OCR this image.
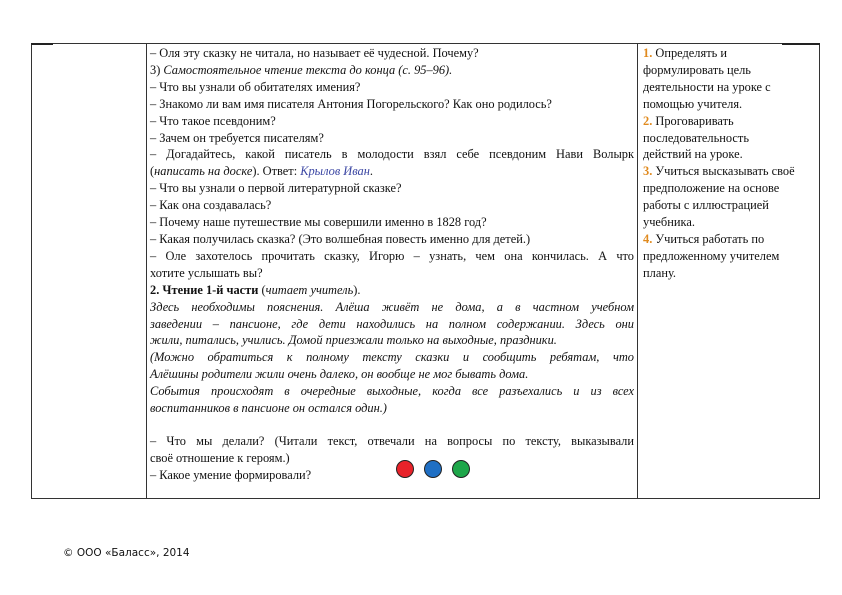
– Оля эту сказку не читала, но называет её чудесной. Почему?
3) Самостоятельное чтение текста до конца (с. 95–96).
– Что вы узнали об обитателях имения?
– Знакомо ли вам имя писателя Антония Погорельского? Как оно родилось?
– Что такое псевдоним?
– Зачем он требуется писателям?
– Догадайтесь, какой писатель в молодости взял себе псевдоним Нави Волырк
(написать на доске). Ответ: Крылов Иван.
– Что вы узнали о первой литературной сказке?
– Как она создавалась?
– Почему наше путешествие мы совершили именно в 1828 год?
– Какая получилась сказка? (Это волшебная повесть именно для детей.)
– Оле захотелось прочитать сказку, Игорю – узнать, чем она кончилась. А что
хотите услышать вы?
2. Чтение 1-й части (читает учитель).
Здесь необходимы пояснения. Алёша живёт не дома, а в частном учебном
заведении – пансионе, где дети находились на полном содержании. Здесь они
жили, питались, учились. Домой приезжали только на выходные, праздники.
(Можно обратиться к полному тексту сказки и сообщить ребятам, что
Алёшины родители жили очень далеко, он вообще не мог бывать дома.
События происходят в очередные выходные, когда все разъехались и из всех
воспитанников в пансионе он остался один.)
– Что мы делали? (Читали текст, отвечали на вопросы по тексту, выказывали
своё отношение к героям.)
– Какое умение формировали?
1. Определять и
формулировать цель
деятельности на уроке с
помощью учителя.
2. Проговаривать
последовательность
действий на уроке.
3. Учиться высказывать своё
предположение на основе
работы с иллюстрацией
учебника.
4. Учиться работать по
предложенному учителем
плану.
© ООО «Баласс», 2014
